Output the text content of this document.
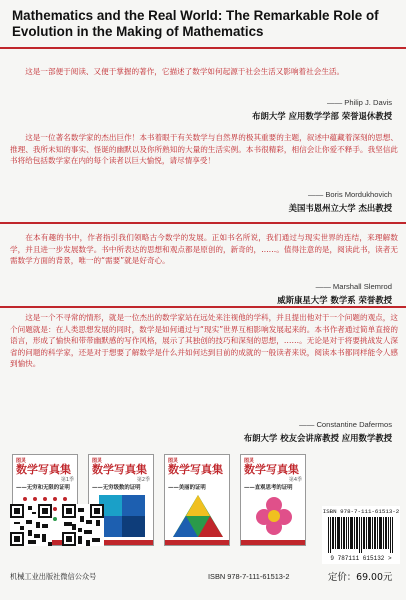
Mathematics and the Real World: The Remarkable Role of Evolution in the Making of Mathematics
这是一部便于阅读、又便于掌握的著作，它描述了数学如何起源于社会生活又影响着社会生活。
—— Philip J. Davis
布朗大学 应用数学学部 荣誉退休教授
这是一位著名数学家的杰出巨作！本书着眼于有关数学与自然界的极其重要的主题，叙述中蕴藏着深刻的思想、推理、我所未知的事实、怪诞的幽默以及你所熟知的大量的生活实例。本书很精彩，相信会让你爱不释手。我坚信此书将给包括数学家在内的每个读者以巨大愉悦，请尽情享受！
—— Boris Mordukhovich
美国韦恩州立大学 杰出教授
在本有趣的书中，作者指引我们领略古今数学的发展。正如书名所说，我们通过与现实世界的连结，来理解数学，并且进一步发展数学。书中所表达的思想和观点都是原创的，新奇的，……。值得注意的是，阅读此书，读者无需数学方面的背景，唯一的“需要”就是好奇心。
—— Marshall Slemrod
威斯康星大学 数学系 荣誉教授
这是一个不寻常的情形，就是一位杰出的数学家站在远处来注视他的学科，并且提出他对于一个问题的观点，这个问题就是：在人类思想发展的同时，数学是如何通过与“现实”世界互相影响发展起来的。本书作者通过简单直接的语言，形成了愉快和带带幽默感的写作风格，展示了其独创的技巧和深刻的思想，……。无论是对于将要挑战发人深省的问题的科学家，还是对于想要了解数学是什么并如何达到目前的成就的一般读者来说，阅读本书都同样能令人感到愉快。
—— Constantine Dafermos
布朗大学 校友会讲席教授 应用数学教授
图灵
数学写真集
第1季
——无穷和无限的证明
图灵
数学写真集
第2季
——无穷级数的证明
图灵
数学写真集
——美丽的证明
图灵
数学写真集
第4季
——直观思考的证明
机械工业出版社微信公众号
ISBN 978-7-111-61513-2
9 787111 615132 >
ISBN 978-7-111-61513-2	定价：69.00元
